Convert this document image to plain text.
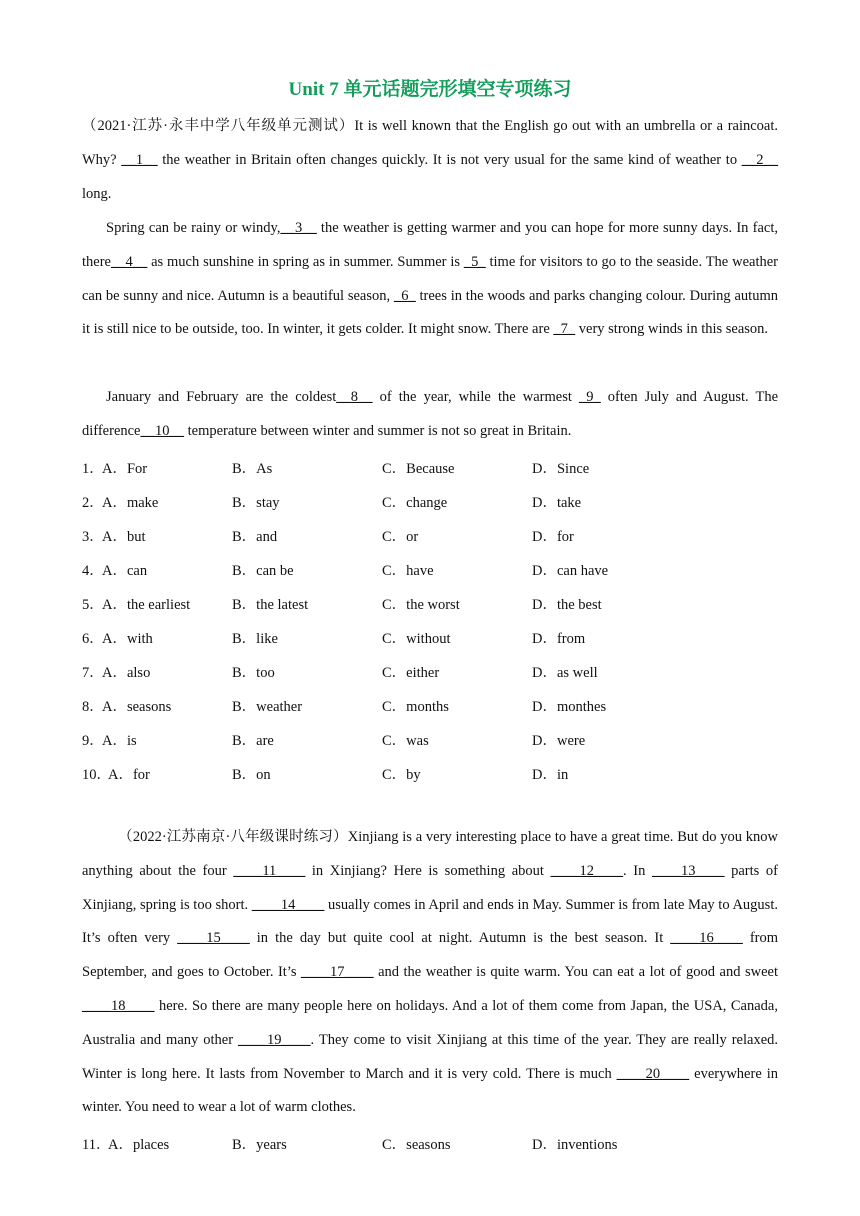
Unit 7 单元话题完形填空专项练习
（2021·江苏·永丰中学八年级单元测试）It is well known that the English go out with an umbrella or a raincoat. Why? __1__ the weather in Britain often changes quickly. It is not very usual for the same kind of weather to __2__ long.
Spring can be rainy or windy,__3__ the weather is getting warmer and you can hope for more sunny days. In fact, there__4__ as much sunshine in spring as in summer. Summer is _5_ time for visitors to go to the seaside. The weather can be sunny and nice. Autumn is a beautiful season, _6_ trees in the woods and parks changing colour. During autumn it is still nice to be outside, too. In winter, it gets colder. It might snow. There are _7_ very strong winds in this season.
January and February are the coldest__8__ of the year, while the warmest _9_ often July and August. The difference__10__ temperature between winter and summer is not so great in Britain.
1．
A．For	B．As	C．Because	D．Since
2．
A．make	B．stay	C．change	D．take
3．
A．but	B．and	C．or	D．for
4．
A．can	B．can be	C．have	D．can have
5．
A．the earliest	B．the latest	C．the worst	D．the best
6．
A．with	B．like	C．without	D．from
7．
A．also	B．too	C．either	D．as well
8．
A．seasons	B．weather	C．months	D．monthes
9．
A．is	B．are	C．was	D．were
10．
A．for	B．on	C．by	D．in
（2022·江苏南京·八年级课时练习）Xinjiang is a very interesting place to have a great time. But do you know anything about the four ____11____ in Xinjiang? Here is something about ____12____. In ____13____ parts of Xinjiang, spring is too short. ____14____ usually comes in April and ends in May. Summer is from late May to August. It’s often very ____15____ in the day but quite cool at night. Autumn is the best season. It ____16____ from September, and goes to October. It’s ____17____ and the weather is quite warm. You can eat a lot of good and sweet ____18____ here. So there are many people here on holidays. And a lot of them come from Japan, the USA, Canada, Australia and many other ____19____. They come to visit Xinjiang at this time of the year. They are really relaxed. Winter is long here. It lasts from November to March and it is very cold. There is much ____20____ everywhere in winter. You need to wear a lot of warm clothes.
11．
A．places	B．years	C．seasons	D．inventions
